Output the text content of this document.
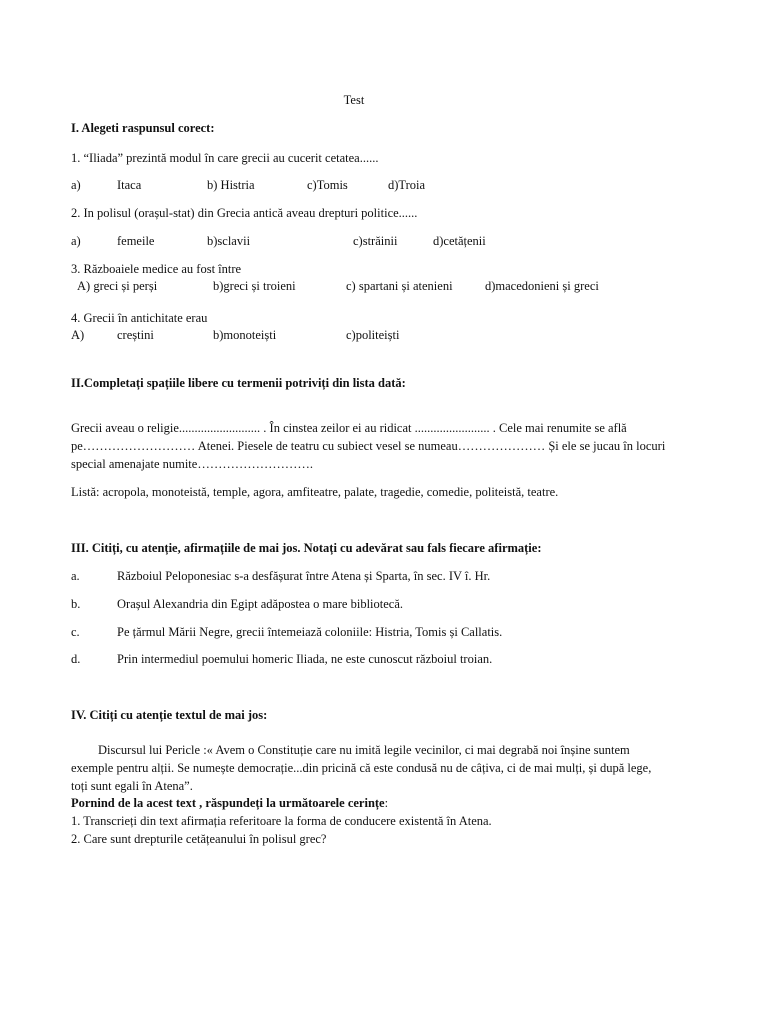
Test
I. Alegeti raspunsul corect:
1. “Iliada” prezintă modul în care grecii au cucerit cetatea......
a)	Itaca	b) Histria	c)Tomis	d)Troia
2. In polisul (orașul-stat) din Grecia antică aveau drepturi politice......
a)	femeile	b)sclavii	c)străinii	d)cetățenii
3. Războaiele medice au fost între
A) greci și perși	b)greci și troieni	c) spartani și atenieni	d)macedonieni și greci
4. Grecii în antichitate erau
A)	creștini	b)monoteiști	c)politeiști
II.Completați spațiile libere cu termenii potriviți din lista dată:
Grecii aveau o religie.......................... . În cinstea zeilor ei au ridicat ........................ . Cele mai renumite se află pe……………………… Atenei. Piesele de teatru cu subiect vesel se numeau………………… Și ele se jucau în locuri special amenajate numite……………………….
Listă: acropola, monoteistă, temple, agora, amfiteatre, palate, tragedie, comedie, politeistă, teatre.
III. Citiți, cu atenție, afirmațiile de mai jos. Notați cu adevărat sau fals fiecare afirmație:
a.	Războiul Peloponesiac s-a desfășurat între Atena și Sparta, în sec. IV î. Hr.
b.	Orașul Alexandria din Egipt adăpostea o mare bibliotecă.
c.	Pe țărmul Mării Negre, grecii întemeiază coloniile: Histria, Tomis și Callatis.
d.	Prin intermediul poemului homeric Iliada, ne este cunoscut războiul troian.
IV. Citiți cu atenție textul de mai jos:
Discursul lui Pericle :« Avem o Constituție care nu imită legile vecinilor, ci mai degrabă noi înșine suntem exemple pentru alții. Se numește democrație...din pricină că este condusă nu de câțiva, ci de mai mulți, și după lege, toți sunt egali în Atena”.
Pornind de la acest text , răspundeți la următoarele cerințe:
1. Transcrieți din text afirmația referitoare la forma de conducere existentă în Atena.
2. Care sunt drepturile cetățeanului în polisul grec?
